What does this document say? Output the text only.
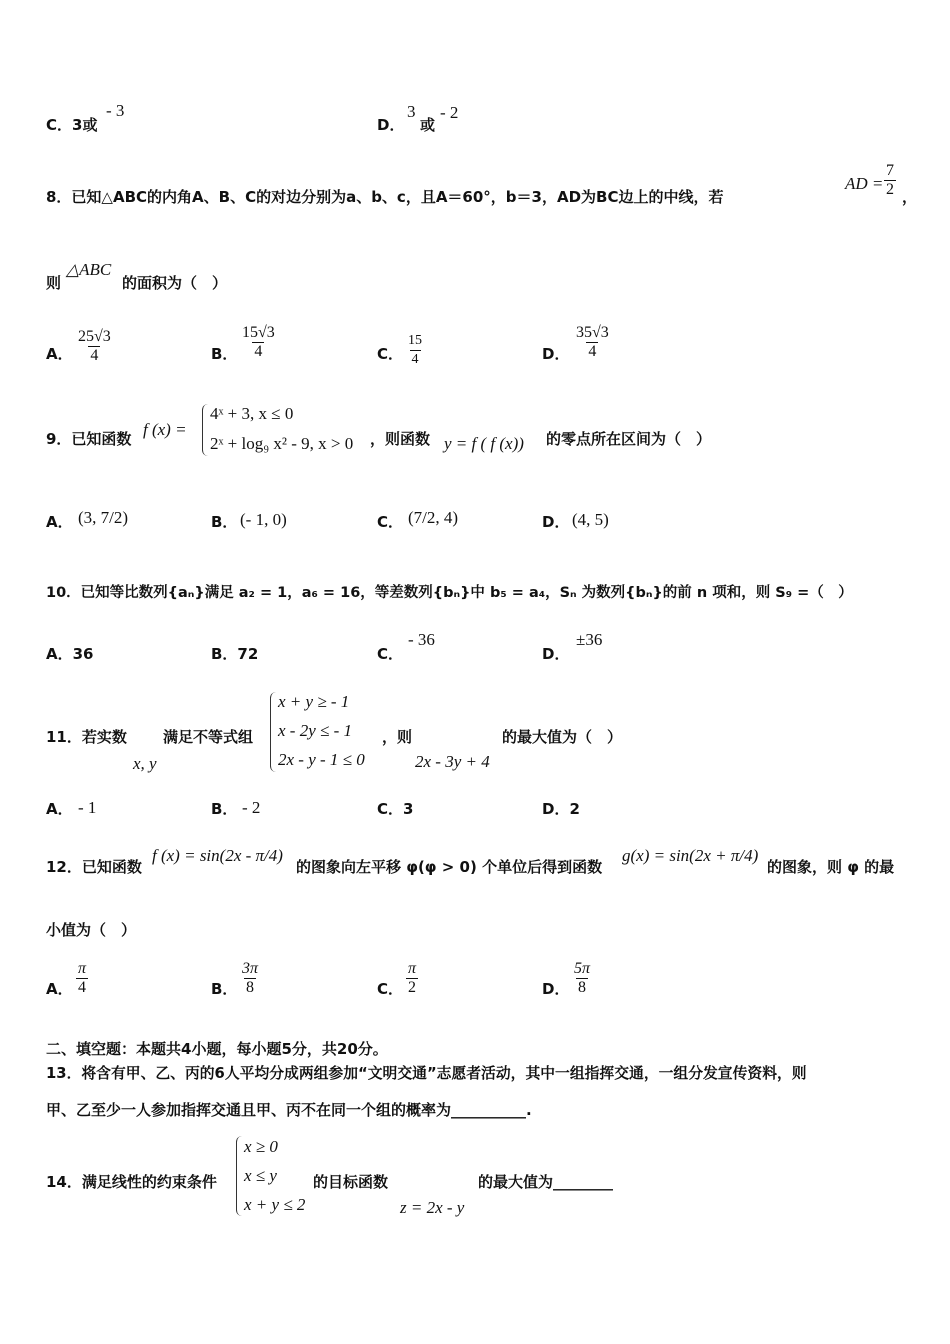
C．3或
- 3
D．
3
或
- 2
8．已知△ABC的内角A、B、C的对边分别为a、b、c，且A＝60°，b＝3，AD为BC边上的中线，若
AD = $\frac{7}{2}$ ，
则
△ABC
的面积为（　）
A． $\frac{25√3}{4}$	B． $\frac{15√3}{4}$	C． $\frac{15}{4}$	D． $\frac{35√3}{4}$
9．已知函数 f (x) =
4ˣ + 3, x ≤ 0
2ˣ + log₉ x² - 9, x > 0 ，则函数 y = f ( f (x)) 的零点所在区间为（　）
A． (3, 7/2)	B． (- 1, 0)	C． (7/2, 4)	D． (4, 5)
10．已知等比数列{aₙ}满足 a₂ = 1，a₆ = 16，等差数列{bₙ}中 b₅ = a₄，Sₙ 为数列{bₙ}的前 n 项和，则 S₉ =（　）
A．36	B．72	C．
- 36
D．
±36
11．若实数
x, y
满足不等式组
x + y ≥ - 1
x - 2y ≤ - 1
2x - y - 1 ≤ 0
，则
2x - 3y + 4
的最大值为（　）
A． - 1	B． - 2	C．3	D．2
12．已知函数
f (x) = sin(2x - π/4)
的图象向左平移 φ(φ > 0) 个单位后得到函数
g(x) = sin(2x + π/4)
的图象，则 φ 的最
小值为（　）
A． $\frac{\pi}{4}$	B． $\frac{3\pi}{8}$	C． $\frac{\pi}{2}$	D． $\frac{5\pi}{8}$
二、填空题：本题共4小题，每小题5分，共20分。
13．将含有甲、乙、丙的6人平均分成两组参加“文明交通”志愿者活动，其中一组指挥交通，一组分发宣传资料，则
甲、乙至少一人参加指挥交通且甲、丙不在同一个组的概率为__________.
14．满足线性的约束条件
x ≥ 0
x ≤ y
x + y ≤ 2
的目标函数
z = 2x - y
的最大值为________
